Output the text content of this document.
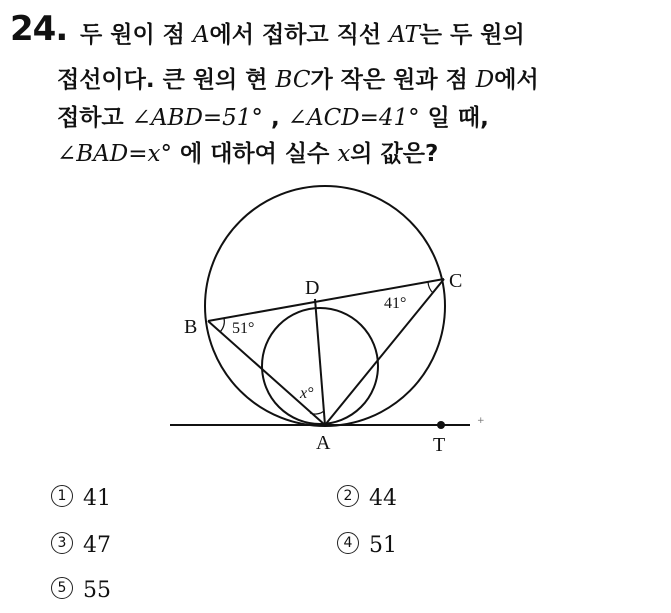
24. 두 원이 점 A에서 접하고 직선 AT는 두 원의
접선이다. 큰 원의 현 BC가 작은 원과 점 D에서
접하고 ∠ABD=51° , ∠ACD=41° 일 때,
∠BAD=x° 에 대하여 실수 x의 값은?
+
B
C
D
A	T
51°
41°
x°
1 41	2 44
3 47	4 51
5 55
